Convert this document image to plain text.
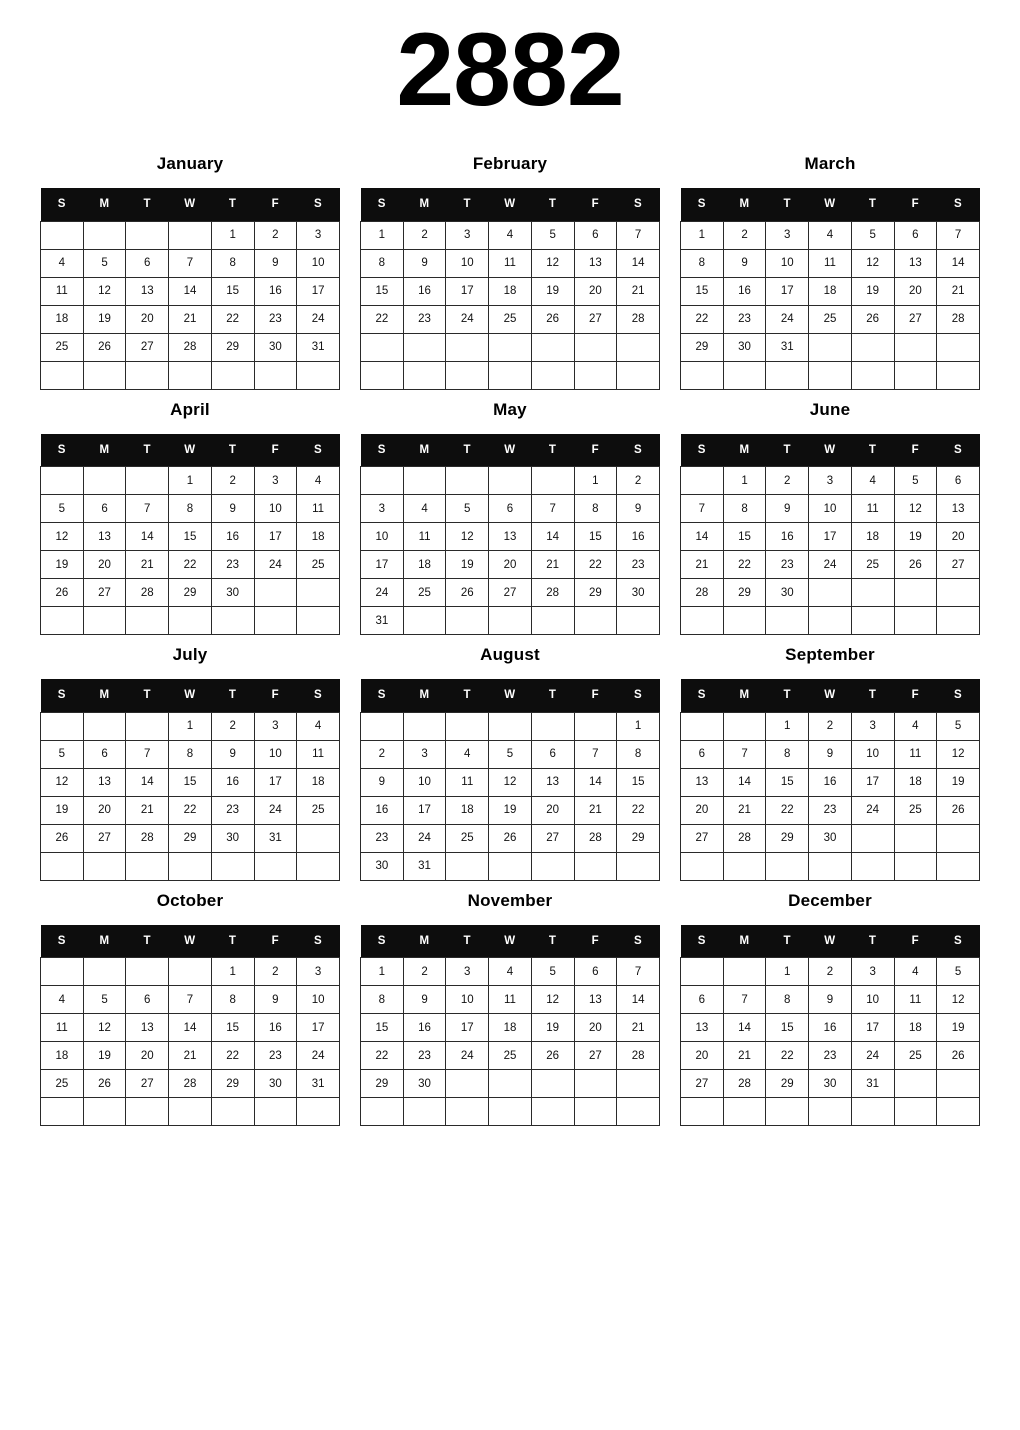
2882
January
S	M	T	W	T	F	S
				1	2	3
4	5	6	7	8	9	10
11	12	13	14	15	16	17
18	19	20	21	22	23	24
25	26	27	28	29	30	31

February
S	M	T	W	T	F	S
1	2	3	4	5	6	7
8	9	10	11	12	13	14
15	16	17	18	19	20	21
22	23	24	25	26	27	28

March
S	M	T	W	T	F	S
1	2	3	4	5	6	7
8	9	10	11	12	13	14
15	16	17	18	19	20	21
22	23	24	25	26	27	28
29	30	31				

April
S	M	T	W	T	F	S
			1	2	3	4
5	6	7	8	9	10	11
12	13	14	15	16	17	18
19	20	21	22	23	24	25
26	27	28	29	30		

May
S	M	T	W	T	F	S
					1	2
3	4	5	6	7	8	9
10	11	12	13	14	15	16
17	18	19	20	21	22	23
24	25	26	27	28	29	30
31						
June
S	M	T	W	T	F	S
	1	2	3	4	5	6
7	8	9	10	11	12	13
14	15	16	17	18	19	20
21	22	23	24	25	26	27
28	29	30				

July
S	M	T	W	T	F	S
			1	2	3	4
5	6	7	8	9	10	11
12	13	14	15	16	17	18
19	20	21	22	23	24	25
26	27	28	29	30	31	

August
S	M	T	W	T	F	S
						1
2	3	4	5	6	7	8
9	10	11	12	13	14	15
16	17	18	19	20	21	22
23	24	25	26	27	28	29
30	31					
September
S	M	T	W	T	F	S
		1	2	3	4	5
6	7	8	9	10	11	12
13	14	15	16	17	18	19
20	21	22	23	24	25	26
27	28	29	30			

October
S	M	T	W	T	F	S
				1	2	3
4	5	6	7	8	9	10
11	12	13	14	15	16	17
18	19	20	21	22	23	24
25	26	27	28	29	30	31

November
S	M	T	W	T	F	S
1	2	3	4	5	6	7
8	9	10	11	12	13	14
15	16	17	18	19	20	21
22	23	24	25	26	27	28
29	30					

December
S	M	T	W	T	F	S
		1	2	3	4	5
6	7	8	9	10	11	12
13	14	15	16	17	18	19
20	21	22	23	24	25	26
27	28	29	30	31		
